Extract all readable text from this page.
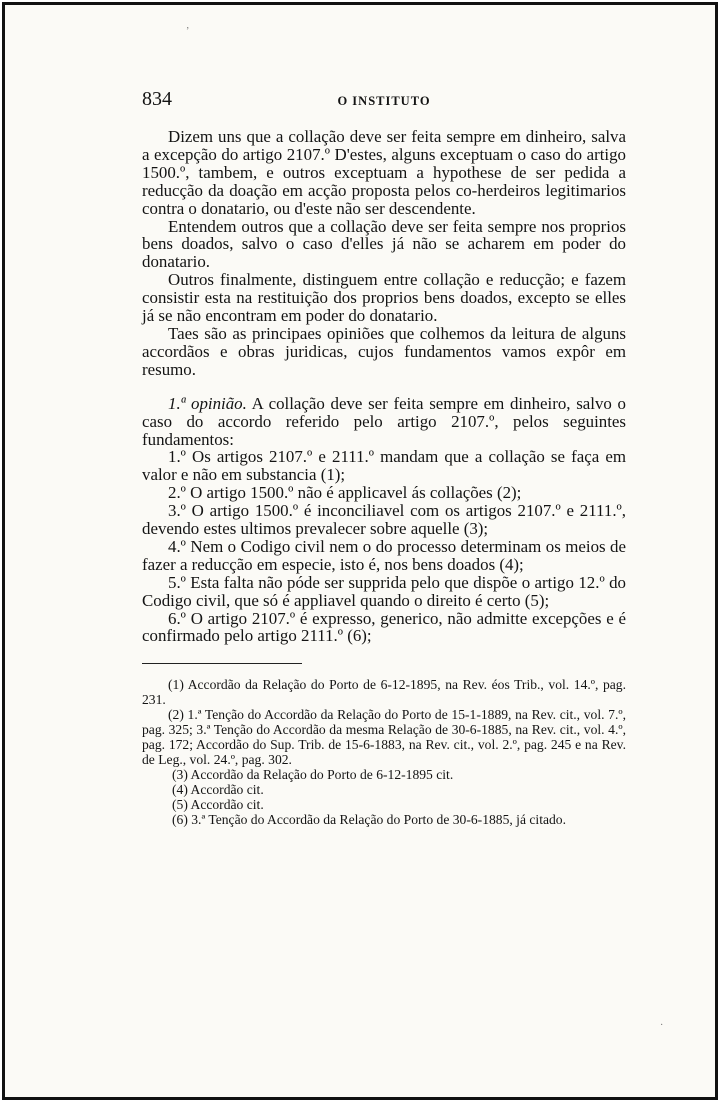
’
·
834	O INSTITUTO

Dizem uns que a collação deve ser feita sempre em dinheiro, salva a excepção do artigo 2107.º D'estes, alguns exceptuam o caso do artigo 1500.º, tambem, e outros exceptuam a hypothese de ser pedida a reducção da doação em acção proposta pelos co-herdeiros legitimarios contra o donatario, ou d'este não ser descendente.

Entendem outros que a collação deve ser feita sempre nos proprios bens doados, salvo o caso d'elles já não se acharem em poder do donatario.

Outros finalmente, distinguem entre collação e reducção; e fazem consistir esta na restituição dos proprios bens doados, excepto se elles já se não encontram em poder do donatario.

Taes são as principaes opiniões que colhemos da leitura de alguns accordãos e obras juridicas, cujos fundamentos vamos expôr em resumo.

1.ª opinião. A collação deve ser feita sempre em dinheiro, salvo o caso do accordo referido pelo artigo 2107.º, pelos seguintes fundamentos:

1.º Os artigos 2107.º e 2111.º mandam que a collação se faça em valor e não em substancia (1);

2.º O artigo 1500.º não é applicavel ás collações (2);

3.º O artigo 1500.º é inconciliavel com os artigos 2107.º e 2111.º, devendo estes ultimos prevalecer sobre aquelle (3);

4.º Nem o Codigo civil nem o do processo determinam os meios de fazer a reducção em especie, isto é, nos bens doados (4);

5.º Esta falta não póde ser supprida pelo que dispõe o artigo 12.º do Codigo civil, que só é appliavel quando o direito é certo (5);

6.º O artigo 2107.º é expresso, generico, não admitte excepções e é confirmado pelo artigo 2111.º (6);

(1) Accordão da Relação do Porto de 6-12-1895, na Rev. éos Trib., vol. 14.º, pag. 231.

(2) 1.ª Tenção do Accordão da Relação do Porto de 15-1-1889, na Rev. cit., vol. 7.º, pag. 325; 3.ª Tenção do Accordão da mesma Relação de 30-6-1885, na Rev. cit., vol. 4.º, pag. 172; Accordão do Sup. Trib. de 15-6-1883, na Rev. cit., vol. 2.º, pag. 245 e na Rev. de Leg., vol. 24.º, pag. 302.

(3) Accordão da Relação do Porto de 6-12-1895 cit.

(4) Accordão cit.

(5) Accordão cit.

(6) 3.ª Tenção do Accordão da Relação do Porto de 30-6-1885, já citado.
